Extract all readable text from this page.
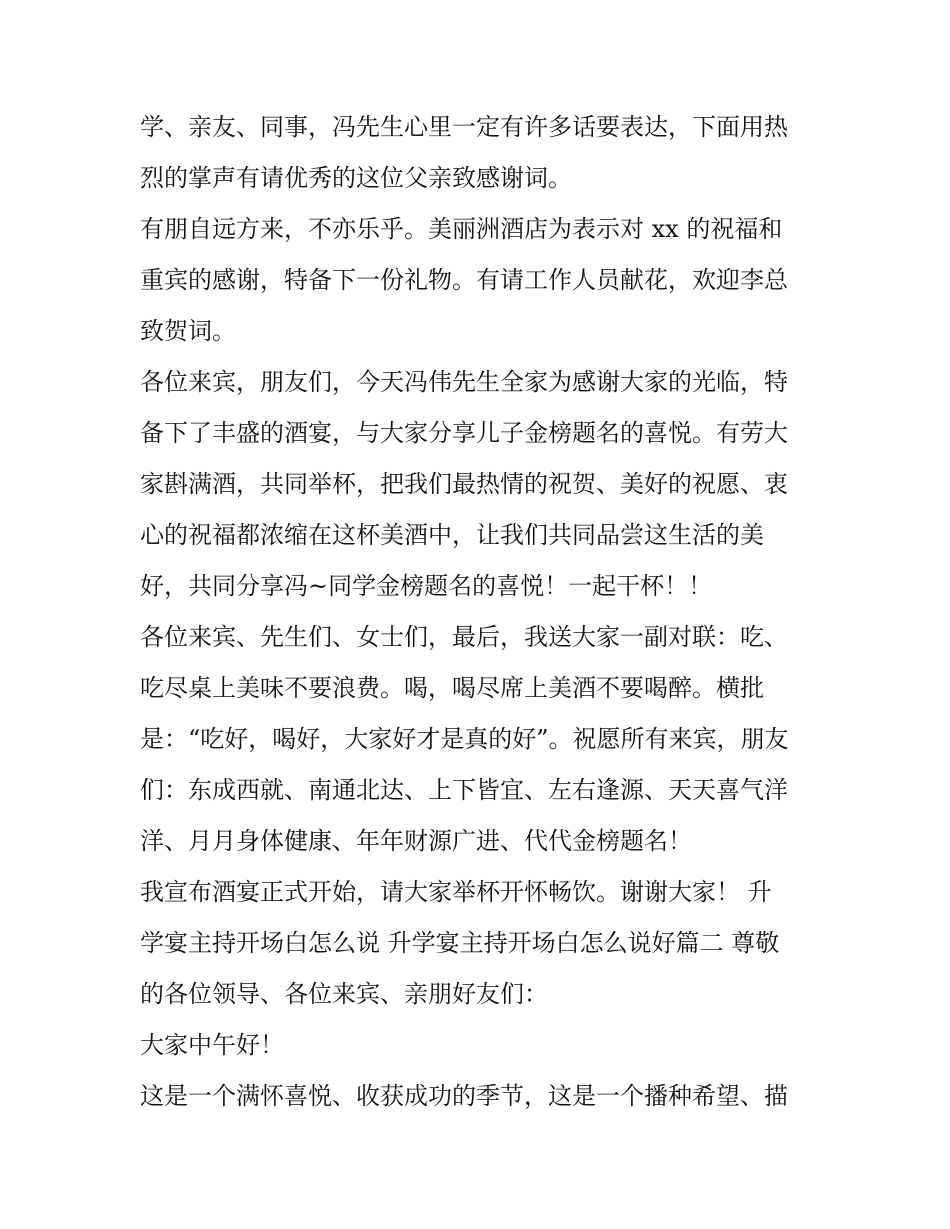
学、亲友、同事，冯先生心里一定有许多话要表达，下面用热
烈的掌声有请优秀的这位父亲致感谢词。
有朋自远方来，不亦乐乎。美丽洲酒店为表示对 xx 的祝福和
重宾的感谢，特备下一份礼物。有请工作人员献花，欢迎李总
致贺词。
各位来宾，朋友们，今天冯伟先生全家为感谢大家的光临，特
备下了丰盛的酒宴，与大家分享儿子金榜题名的喜悦。有劳大
家斟满酒，共同举杯，把我们最热情的祝贺、美好的祝愿、衷
心的祝福都浓缩在这杯美酒中，让我们共同品尝这生活的美
好，共同分享冯~同学金榜题名的喜悦！一起干杯！！
各位来宾、先生们、女士们，最后，我送大家一副对联：吃、
吃尽桌上美味不要浪费。喝，喝尽席上美酒不要喝醉。横批
是：“吃好，喝好，大家好才是真的好”。祝愿所有来宾，朋友
们：东成西就、南通北达、上下皆宜、左右逢源、天天喜气洋
洋、月月身体健康、年年财源广进、代代金榜题名！
我宣布酒宴正式开始，请大家举杯开怀畅饮。谢谢大家！ 升
学宴主持开场白怎么说 升学宴主持开场白怎么说好篇二 尊敬
的各位领导、各位来宾、亲朋好友们：
大家中午好！
这是一个满怀喜悦、收获成功的季节，这是一个播种希望、描
